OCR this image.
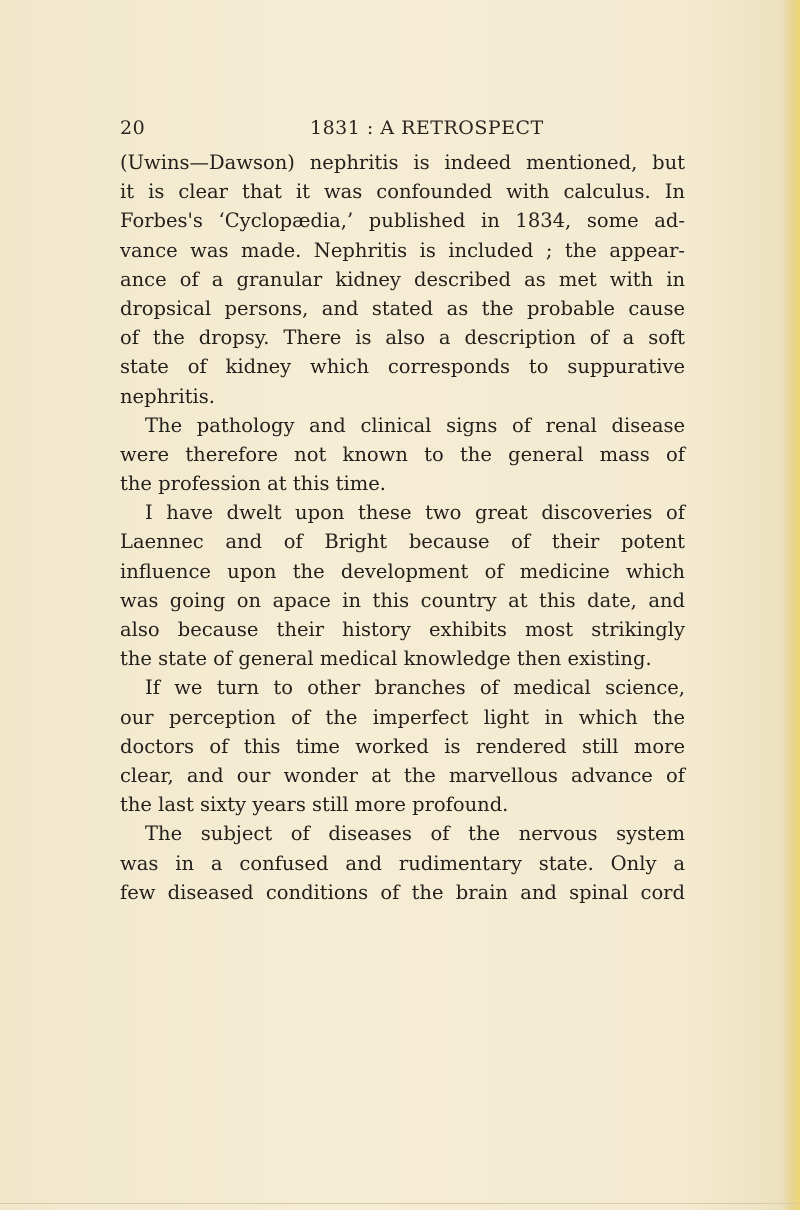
20	1831 : A RETROSPECT
(Uwins—Dawson) nephritis is indeed mentioned, but
it is clear that it was confounded with calculus. In
Forbes's ‘Cyclopædia,’ published in 1834, some ad-
vance was made. Nephritis is included ; the appear-
ance of a granular kidney described as met with in
dropsical persons, and stated as the probable cause
of the dropsy. There is also a description of a soft
state of kidney which corresponds to suppurative
nephritis.
The pathology and clinical signs of renal disease
were therefore not known to the general mass of
the profession at this time.
I have dwelt upon these two great discoveries of
Laennec and of Bright because of their potent
influence upon the development of medicine which
was going on apace in this country at this date, and
also because their history exhibits most strikingly
the state of general medical knowledge then existing.
If we turn to other branches of medical science,
our perception of the imperfect light in which the
doctors of this time worked is rendered still more
clear, and our wonder at the marvellous advance of
the last sixty years still more profound.
The subject of diseases of the nervous system
was in a confused and rudimentary state. Only a
few diseased conditions of the brain and spinal cord
